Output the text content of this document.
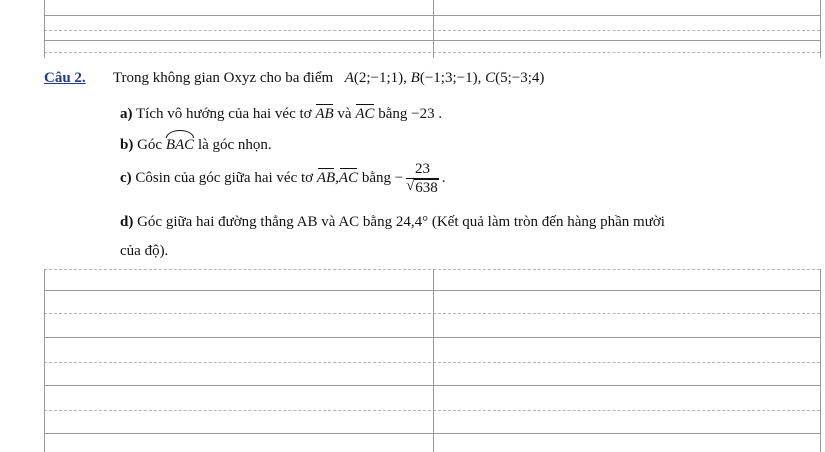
Câu 2. Trong không gian Oxyz cho ba điểm A(2;−1;1), B(−1;3;−1), C(5;−3;4)
a) Tích vô hướng của hai véc tơ AB và AC bằng −23 .
b) Góc BAC là góc nhọn.
c)
Côsin của góc giữa hai véc tơ
AB , AC
bằng
− $\frac{23}{√ 638}$ .
d) Góc giữa hai đường thẳng AB và AC bằng 24,4° (Kết quả làm tròn đến hàng phần mười
của độ).
